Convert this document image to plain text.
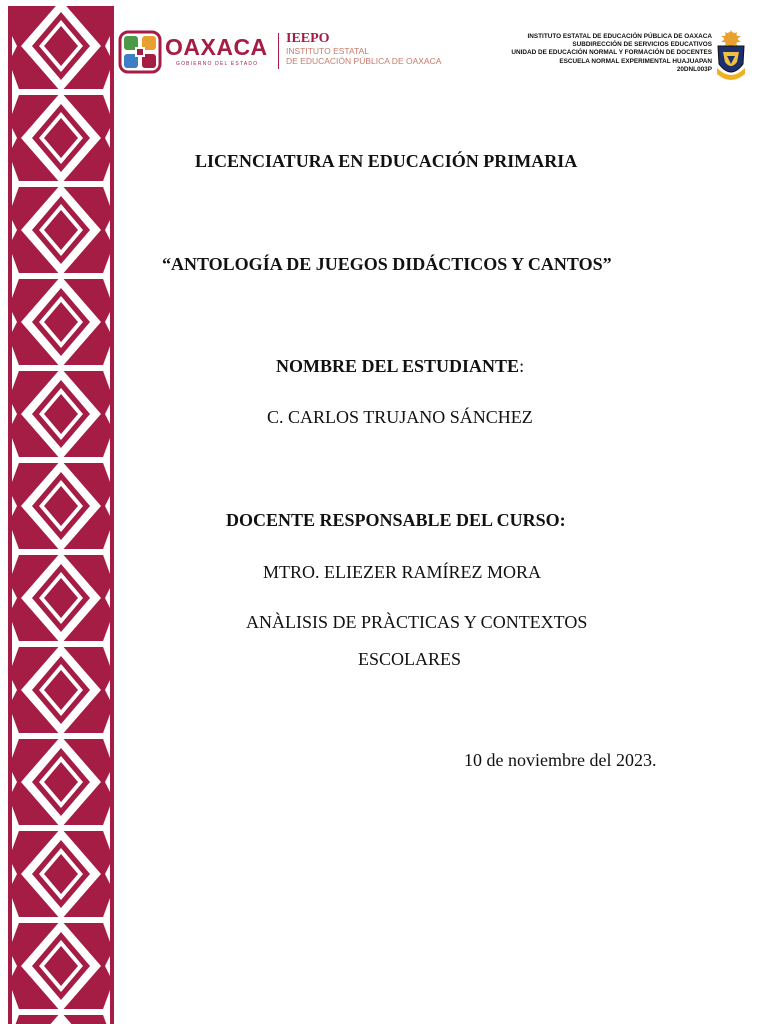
OAXACA
GOBIERNO DEL ESTADO
IEEPO
INSTITUTO ESTATAL
DE EDUCACIÓN PÚBLICA DE OAXACA
INSTITUTO ESTATAL DE EDUCACIÓN PÚBLICA DE OAXACA
SUBDIRECCIÓN DE SERVICIOS EDUCATIVOS
UNIDAD DE EDUCACIÓN NORMAL Y FORMACIÓN DE DOCENTES
ESCUELA NORMAL EXPERIMENTAL HUAJUAPAN
20DNL003P
LICENCIATURA EN EDUCACIÓN PRIMARIA
“ANTOLOGÍA DE JUEGOS DIDÁCTICOS Y CANTOS”
NOMBRE DEL ESTUDIANTE:
C. CARLOS TRUJANO SÁNCHEZ
DOCENTE RESPONSABLE DEL CURSO:
MTRO. ELIEZER RAMÍREZ MORA
ANÀLISIS DE PRÀCTICAS Y CONTEXTOS
ESCOLARES
10 de noviembre del 2023.
